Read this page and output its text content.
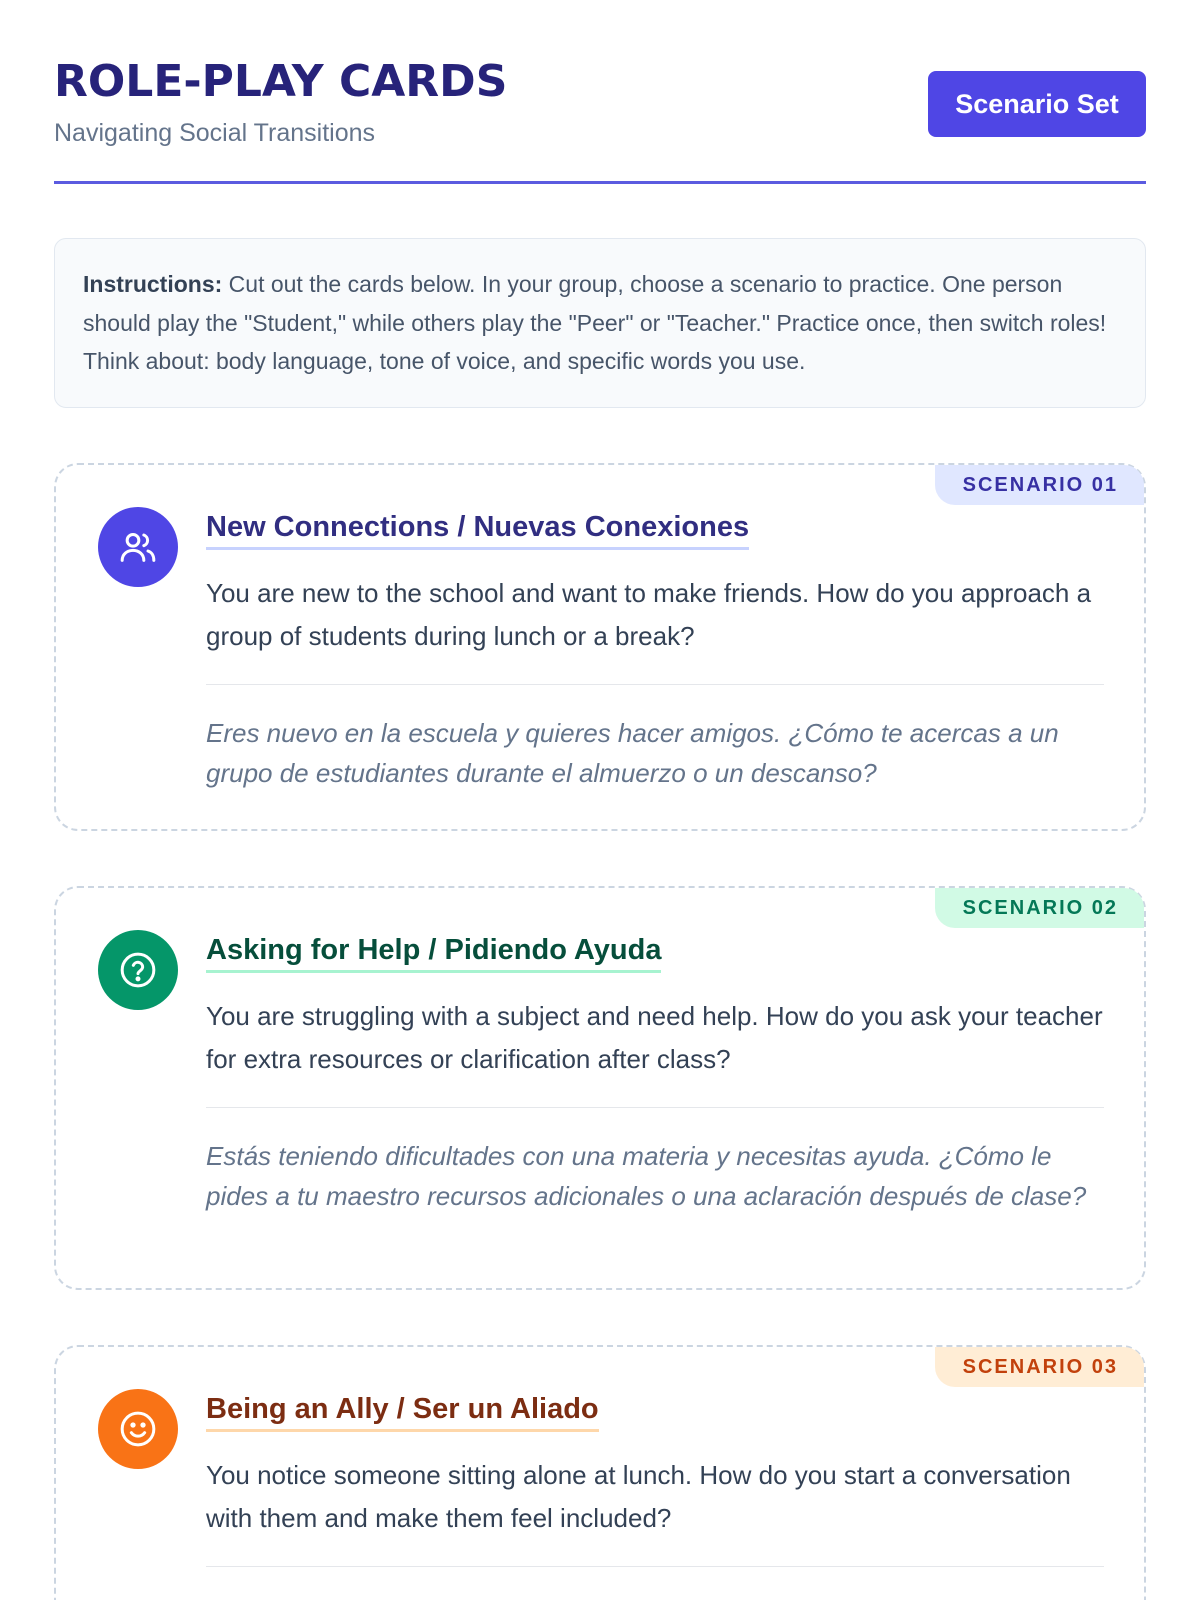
ROLE-PLAY CARDS
Navigating Social Transitions
Scenario Set
Instructions: Cut out the cards below. In your group, choose a scenario to practice. One person should play the "Student," while others play the "Peer" or "Teacher." Practice once, then switch roles! Think about: body language, tone of voice, and specific words you use.
SCENARIO 01
New Connections / Nuevas Conexiones
You are new to the school and want to make friends. How do you approach a group of students during lunch or a break?
Eres nuevo en la escuela y quieres hacer amigos. ¿Cómo te acercas a un grupo de estudiantes durante el almuerzo o un descanso?
SCENARIO 02
Asking for Help / Pidiendo Ayuda
You are struggling with a subject and need help. How do you ask your teacher for extra resources or clarification after class?
Estás teniendo dificultades con una materia y necesitas ayuda. ¿Cómo le pides a tu maestro recursos adicionales o una aclaración después de clase?
SCENARIO 03
Being an Ally / Ser un Aliado
You notice someone sitting alone at lunch. How do you start a conversation with them and make them feel included?
